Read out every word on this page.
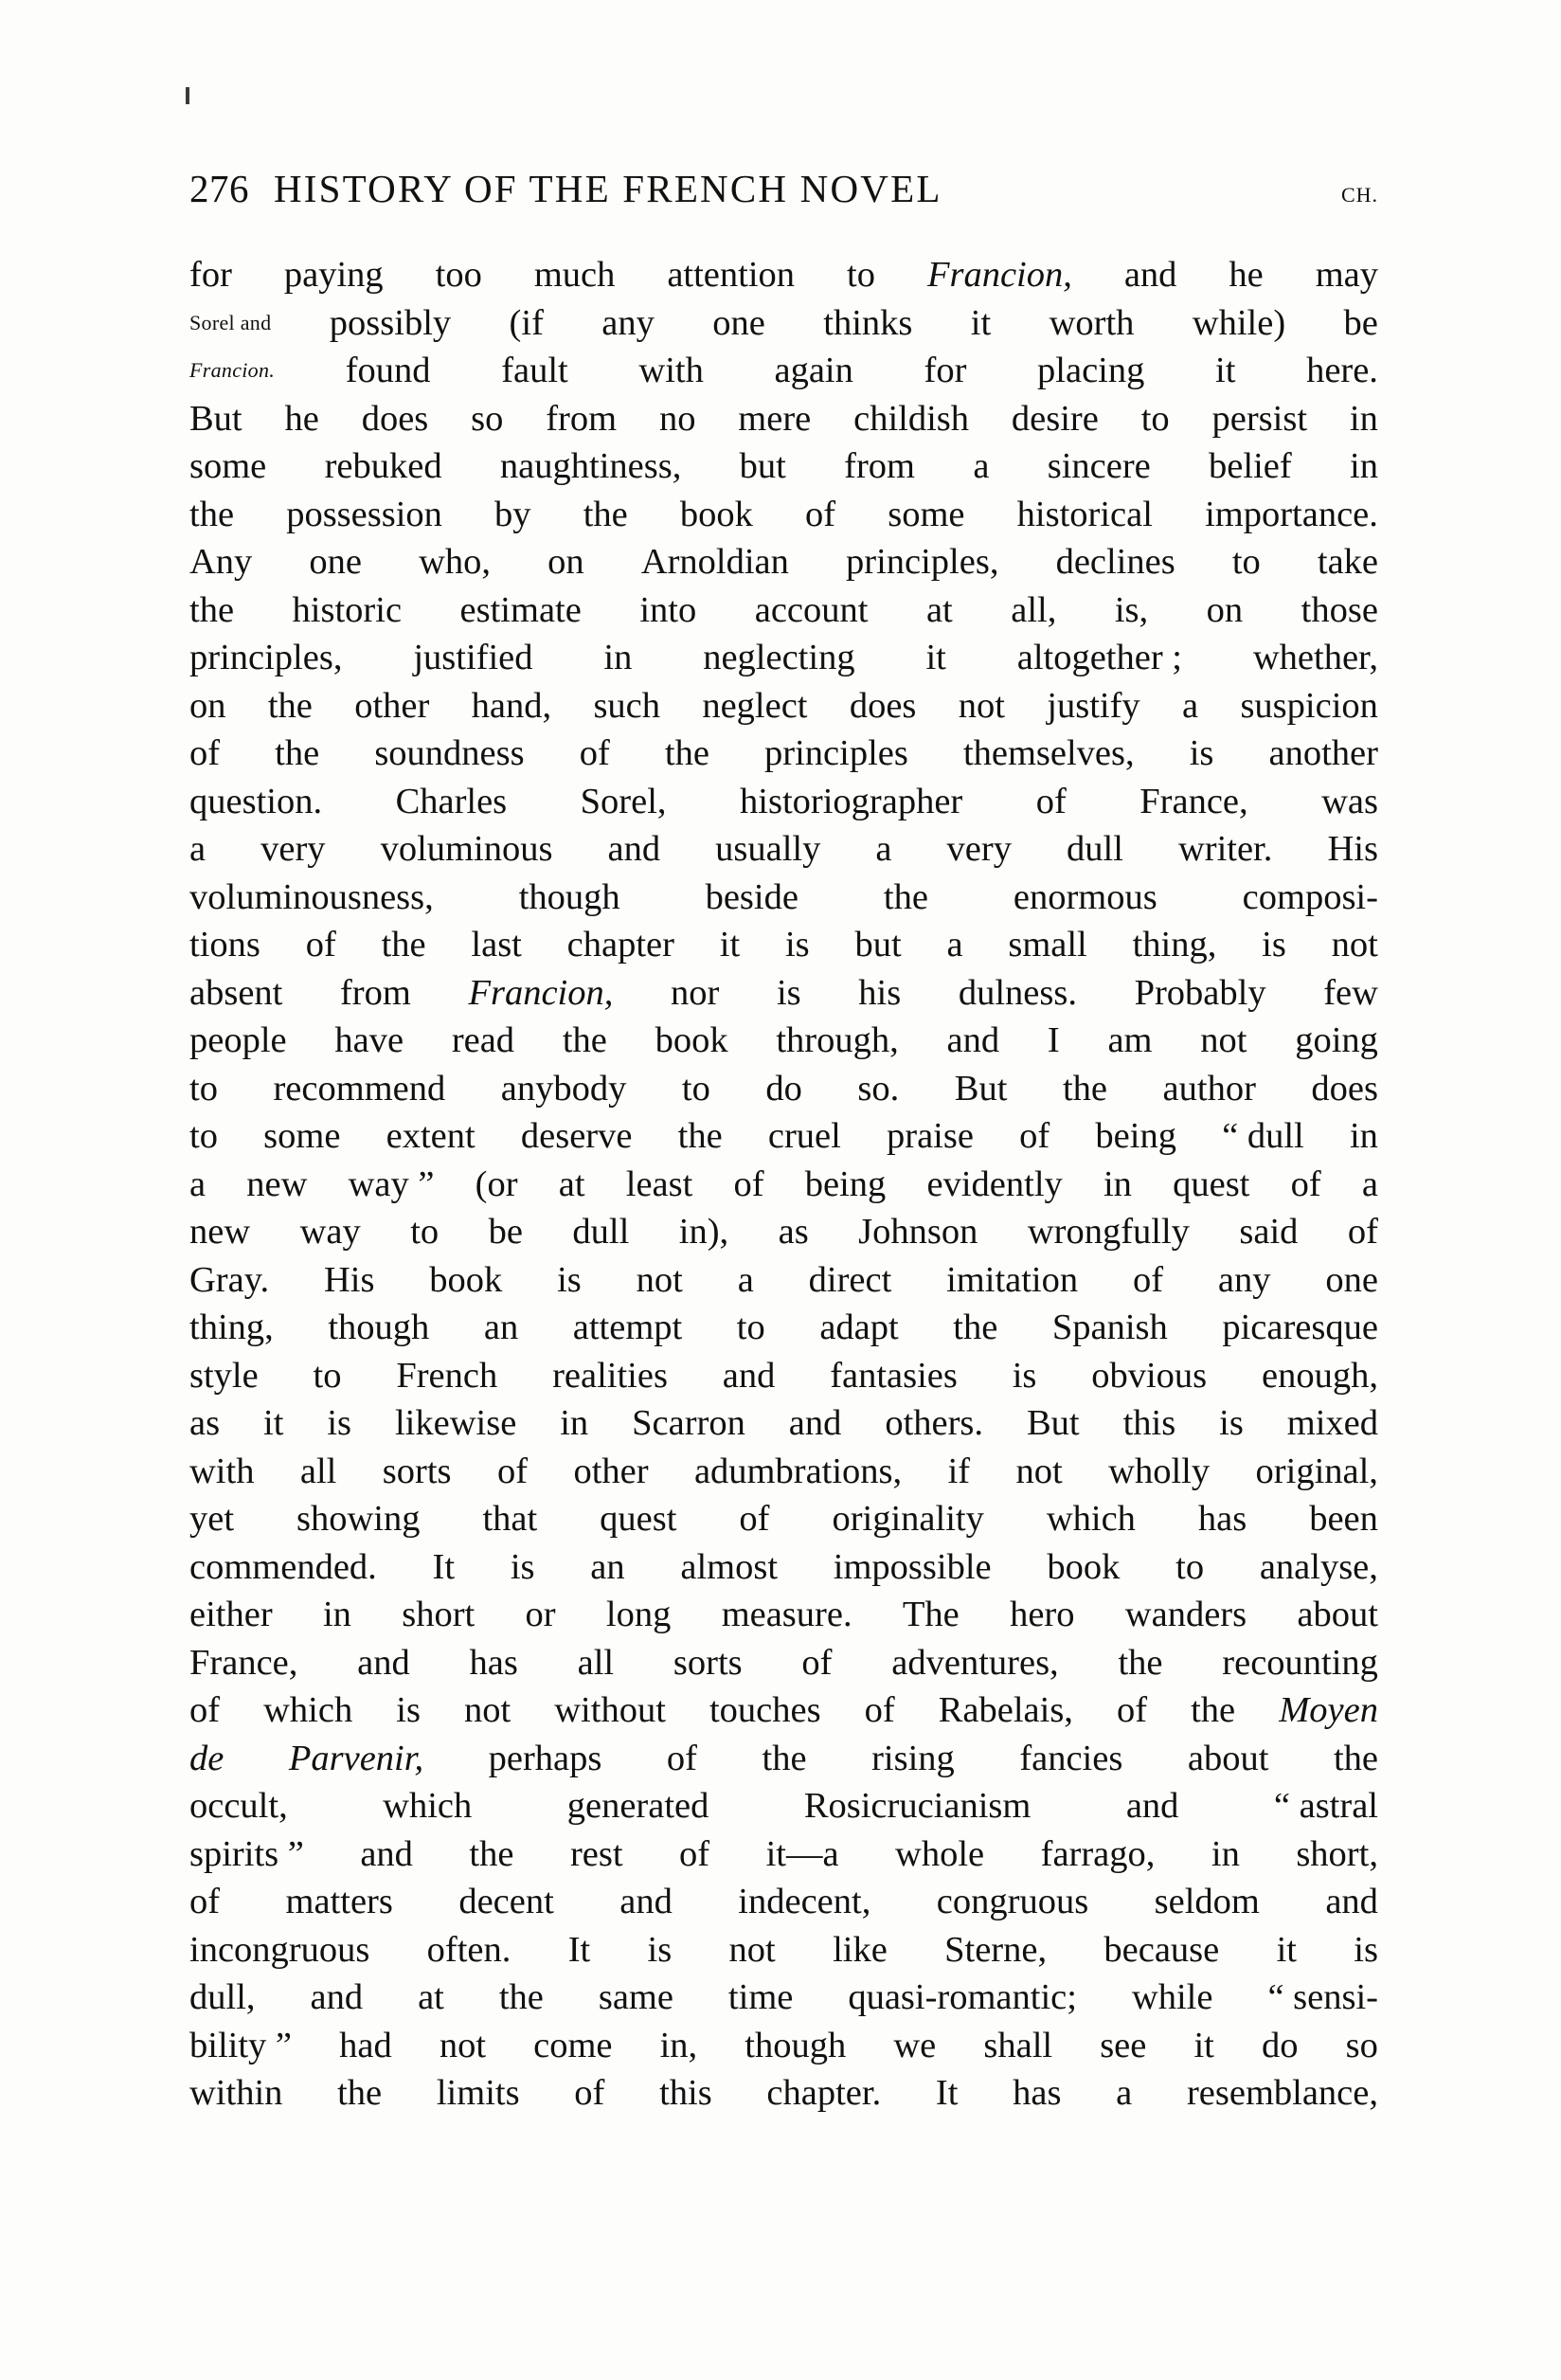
276 HISTORY OF THE FRENCH NOVEL	CH.
for paying too much attention to Francion, and he may
Sorel and possibly (if any one thinks it worth while) be
Francion. found fault with again for placing it here.
But he does so from no mere childish desire to persist in
some rebuked naughtiness, but from a sincere belief in
the possession by the book of some historical importance.
Any one who, on Arnoldian principles, declines to take
the historic estimate into account at all, is, on those
principles, justified in neglecting it altogether ; whether,
on the other hand, such neglect does not justify a suspicion
of the soundness of the principles themselves, is another
question. Charles Sorel, historiographer of France, was
a very voluminous and usually a very dull writer. His
voluminousness, though beside the enormous composi-
tions of the last chapter it is but a small thing, is not
absent from Francion, nor is his dulness. Probably few
people have read the book through, and I am not going
to recommend anybody to do so. But the author does
to some extent deserve the cruel praise of being “ dull in
a new way ” (or at least of being evidently in quest of a
new way to be dull in), as Johnson wrongfully said of
Gray. His book is not a direct imitation of any one
thing, though an attempt to adapt the Spanish picaresque
style to French realities and fantasies is obvious enough,
as it is likewise in Scarron and others. But this is mixed
with all sorts of other adumbrations, if not wholly original,
yet showing that quest of originality which has been
commended. It is an almost impossible book to analyse,
either in short or long measure. The hero wanders about
France, and has all sorts of adventures, the recounting
of which is not without touches of Rabelais, of the Moyen
de Parvenir, perhaps of the rising fancies about the
occult,	which	generated	Rosicrucianism	and	“ astral
spirits ” and the rest of it—a whole farrago, in short,
of matters decent and indecent, congruous seldom and
incongruous often. It is not like Sterne, because it is
dull, and at the same time quasi-romantic; while “ sensi-
bility ” had not come in, though we shall see it do so
within the limits of this chapter. It has a resemblance,
